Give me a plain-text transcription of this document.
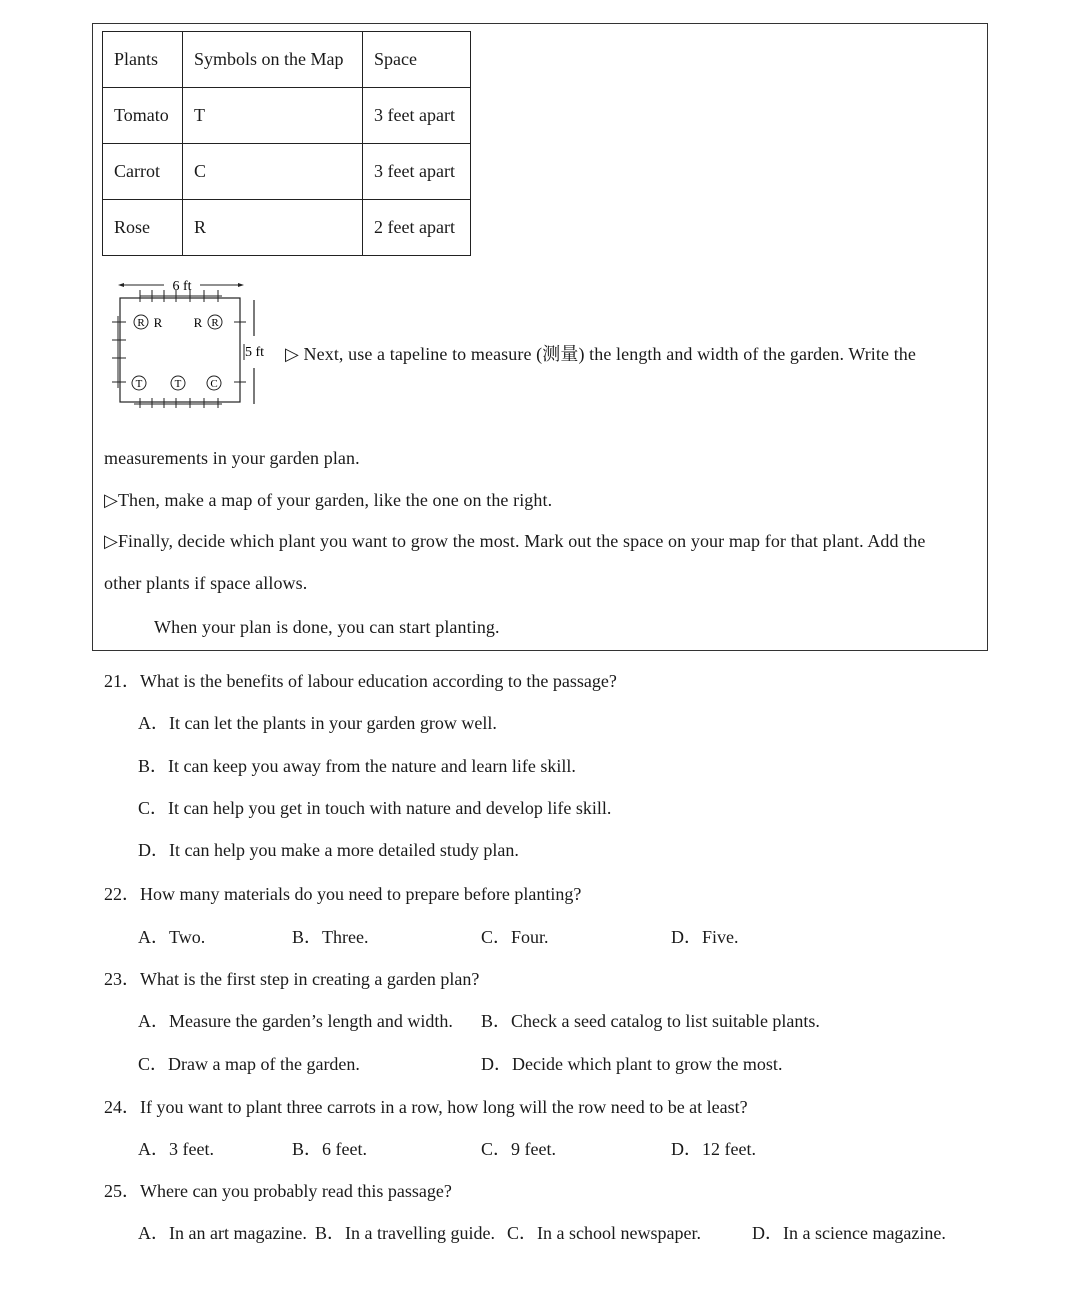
Plants	Symbols on the Map	Space
Tomato	T	3 feet apart
Carrot	C	3 feet apart
Rose	R	2 feet apart
6 ft
5 ft
R R R R
T	T	C
▷ Next, use a tapeline to measure (测量) the length and width of the garden. Write the
measurements in your garden plan.
▷Then, make a map of your garden, like the one on the right.
▷Finally, decide which plant you want to grow the most. Mark out the space on your map for that plant. Add the
other plants if space allows.
When your plan is done, you can start planting.
21．What is the benefits of labour education according to the passage?
A．It can let the plants in your garden grow well.
B．It can keep you away from the nature and learn life skill.
C．It can help you get in touch with nature and develop life skill.
D．It can help you make a more detailed study plan.
22．How many materials do you need to prepare before planting?
A．Two.	B．Three.	C．Four.	D．Five.
23．What is the first step in creating a garden plan?
A．Measure the garden’s length and width. B．Check a seed catalog to list suitable plants.
C．Draw a map of the garden.	D．Decide which plant to grow the most.
24．If you want to plant three carrots in a row, how long will the row need to be at least?
A．3 feet.	B．6 feet.	C．9 feet.	D．12 feet.
25．Where can you probably read this passage?
A．In an art magazine. B．In a travelling guide. C．In a school newspaper.	D．In a science magazine.
